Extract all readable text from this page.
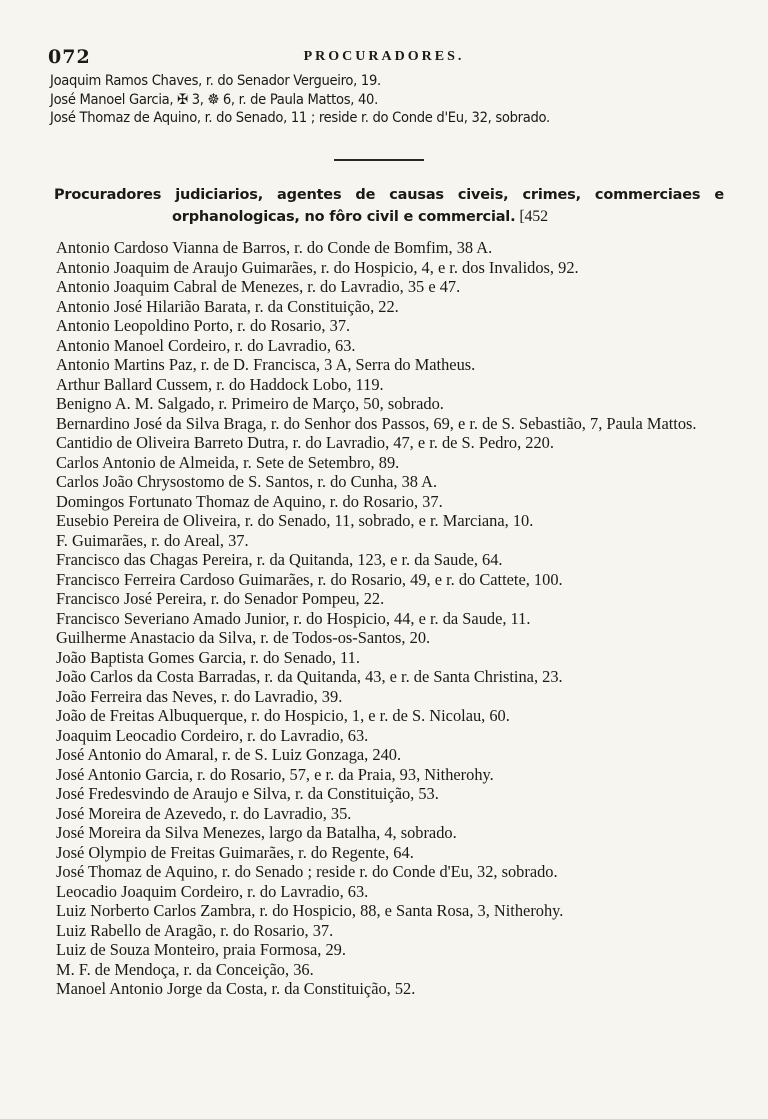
072	PROCURADORES.
Joaquim Ramos Chaves, r. do Senador Vergueiro, 19.
José Manoel Garcia, ✠ 3, ☸ 6, r. de Paula Mattos, 40.
José Thomaz de Aquino, r. do Senado, 11 ; reside r. do Conde d'Eu, 32, sobrado.
Procuradores judiciarios, agentes de causas civeis, crimes, commerciaes e
orphanologicas, no fôro civil e commercial. [452
Antonio Cardoso Vianna de Barros, r. do Conde de Bomfim, 38 A.
Antonio Joaquim de Araujo Guimarães, r. do Hospicio, 4, e r. dos Invalidos, 92.
Antonio Joaquim Cabral de Menezes, r. do Lavradio, 35 e 47.
Antonio José Hilarião Barata, r. da Constituição, 22.
Antonio Leopoldino Porto, r. do Rosario, 37.
Antonio Manoel Cordeiro, r. do Lavradio, 63.
Antonio Martins Paz, r. de D. Francisca, 3 A, Serra do Matheus.
Arthur Ballard Cussem, r. do Haddock Lobo, 119.
Benigno A. M. Salgado, r. Primeiro de Março, 50, sobrado.
Bernardino José da Silva Braga, r. do Senhor dos Passos, 69, e r. de S. Sebastião, 7, Paula Mattos.
Cantidio de Oliveira Barreto Dutra, r. do Lavradio, 47, e r. de S. Pedro, 220.
Carlos Antonio de Almeida, r. Sete de Setembro, 89.
Carlos João Chrysostomo de S. Santos, r. do Cunha, 38 A.
Domingos Fortunato Thomaz de Aquino, r. do Rosario, 37.
Eusebio Pereira de Oliveira, r. do Senado, 11, sobrado, e r. Marciana, 10.
F. Guimarães, r. do Areal, 37.
Francisco das Chagas Pereira, r. da Quitanda, 123, e r. da Saude, 64.
Francisco Ferreira Cardoso Guimarães, r. do Rosario, 49, e r. do Cattete, 100.
Francisco José Pereira, r. do Senador Pompeu, 22.
Francisco Severiano Amado Junior, r. do Hospicio, 44, e r. da Saude, 11.
Guilherme Anastacio da Silva, r. de Todos-os-Santos, 20.
João Baptista Gomes Garcia, r. do Senado, 11.
João Carlos da Costa Barradas, r. da Quitanda, 43, e r. de Santa Christina, 23.
João Ferreira das Neves, r. do Lavradio, 39.
João de Freitas Albuquerque, r. do Hospicio, 1, e r. de S. Nicolau, 60.
Joaquim Leocadio Cordeiro, r. do Lavradio, 63.
José Antonio do Amaral, r. de S. Luiz Gonzaga, 240.
José Antonio Garcia, r. do Rosario, 57, e r. da Praia, 93, Nitherohy.
José Fredesvindo de Araujo e Silva, r. da Constituição, 53.
José Moreira de Azevedo, r. do Lavradio, 35.
José Moreira da Silva Menezes, largo da Batalha, 4, sobrado.
José Olympio de Freitas Guimarães, r. do Regente, 64.
José Thomaz de Aquino, r. do Senado ; reside r. do Conde d'Eu, 32, sobrado.
Leocadio Joaquim Cordeiro, r. do Lavradio, 63.
Luiz Norberto Carlos Zambra, r. do Hospicio, 88, e Santa Rosa, 3, Nitherohy.
Luiz Rabello de Aragão, r. do Rosario, 37.
Luiz de Souza Monteiro, praia Formosa, 29.
M. F. de Mendoça, r. da Conceição, 36.
Manoel Antonio Jorge da Costa, r. da Constituição, 52.
